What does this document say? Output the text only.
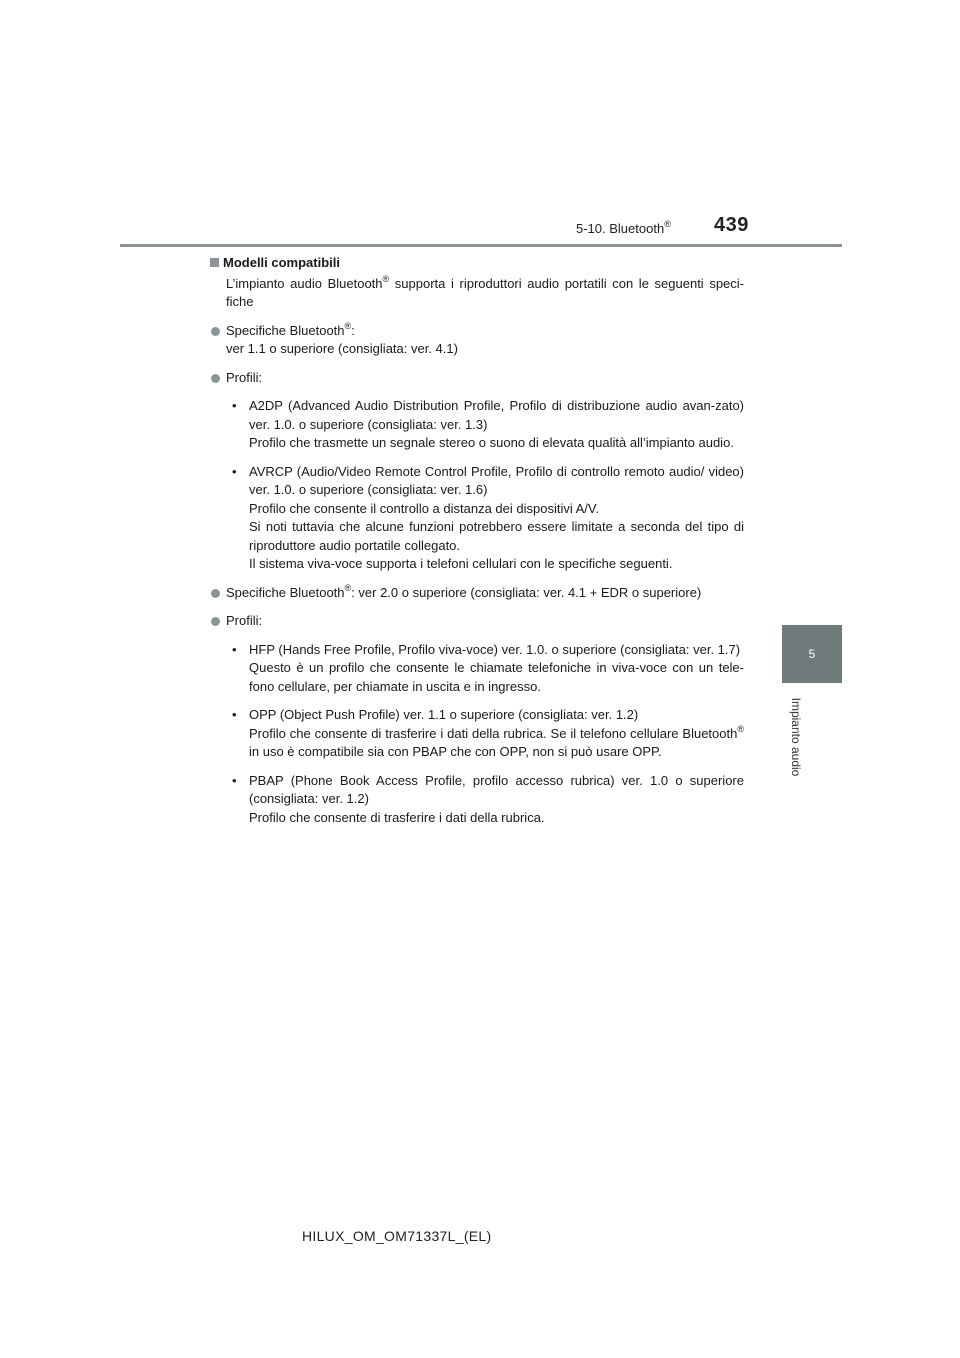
5-10. Bluetooth® 439
5
Impianto audio

Modelli compatibili

L’impianto audio Bluetooth® supporta i riproduttori audio portatili con le seguenti speci-fiche

Specifiche Bluetooth®:

ver 1.1 o superiore (consigliata: ver. 4.1)

Profili:

• A2DP (Advanced Audio Distribution Profile, Profilo di distribuzione audio avan-zato) ver. 1.0. o superiore (consigliata: ver. 1.3)

Profilo che trasmette un segnale stereo o suono di elevata qualità all’impianto audio.

• AVRCP (Audio/Video Remote Control Profile, Profilo di controllo remoto audio/ video) ver. 1.0. o superiore (consigliata: ver. 1.6)

Profilo che consente il controllo a distanza dei dispositivi A/V.

Si noti tuttavia che alcune funzioni potrebbero essere limitate a seconda del tipo di riproduttore audio portatile collegato.

Il sistema viva-voce supporta i telefoni cellulari con le specifiche seguenti.

Specifiche Bluetooth®: ver 2.0 o superiore (consigliata: ver. 4.1 + EDR o superiore)

Profili:

• HFP (Hands Free Profile, Profilo viva-voce) ver. 1.0. o superiore (consigliata: ver. 1.7)

Questo è un profilo che consente le chiamate telefoniche in viva-voce con un tele-fono cellulare, per chiamate in uscita e in ingresso.

• OPP (Object Push Profile) ver. 1.1 o superiore (consigliata: ver. 1.2)

Profilo che consente di trasferire i dati della rubrica. Se il telefono cellulare Bluetooth® in uso è compatibile sia con PBAP che con OPP, non si può usare OPP.

• PBAP (Phone Book Access Profile, profilo accesso rubrica) ver. 1.0 o superiore (consigliata: ver. 1.2)

Profilo che consente di trasferire i dati della rubrica.

HILUX_OM_OM71337L_(EL)
